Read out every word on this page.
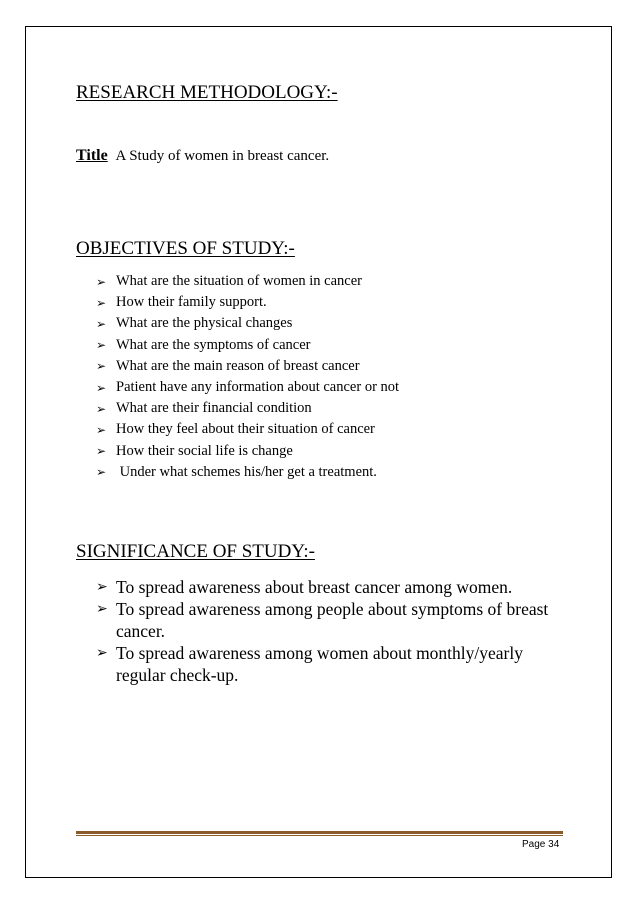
RESEARCH METHODOLOGY:-
Title A Study of women in breast cancer.
OBJECTIVES OF STUDY:-
➢ What are the situation of women in cancer
➢ How their family support.
➢ What are the physical changes
➢ What are the symptoms of cancer
➢ What are the main reason of breast cancer
➢ Patient have any information about cancer or not
➢ What are their financial condition
➢ How they feel about their situation of cancer
➢ How their social life is change
➢ Under what schemes his/her get a treatment.
SIGNIFICANCE OF STUDY:-
➢ To spread awareness about breast cancer among women.
➢ To spread awareness among people about symptoms of breast cancer.
➢ To spread awareness among women about monthly/yearly regular check-up.
Page 34
